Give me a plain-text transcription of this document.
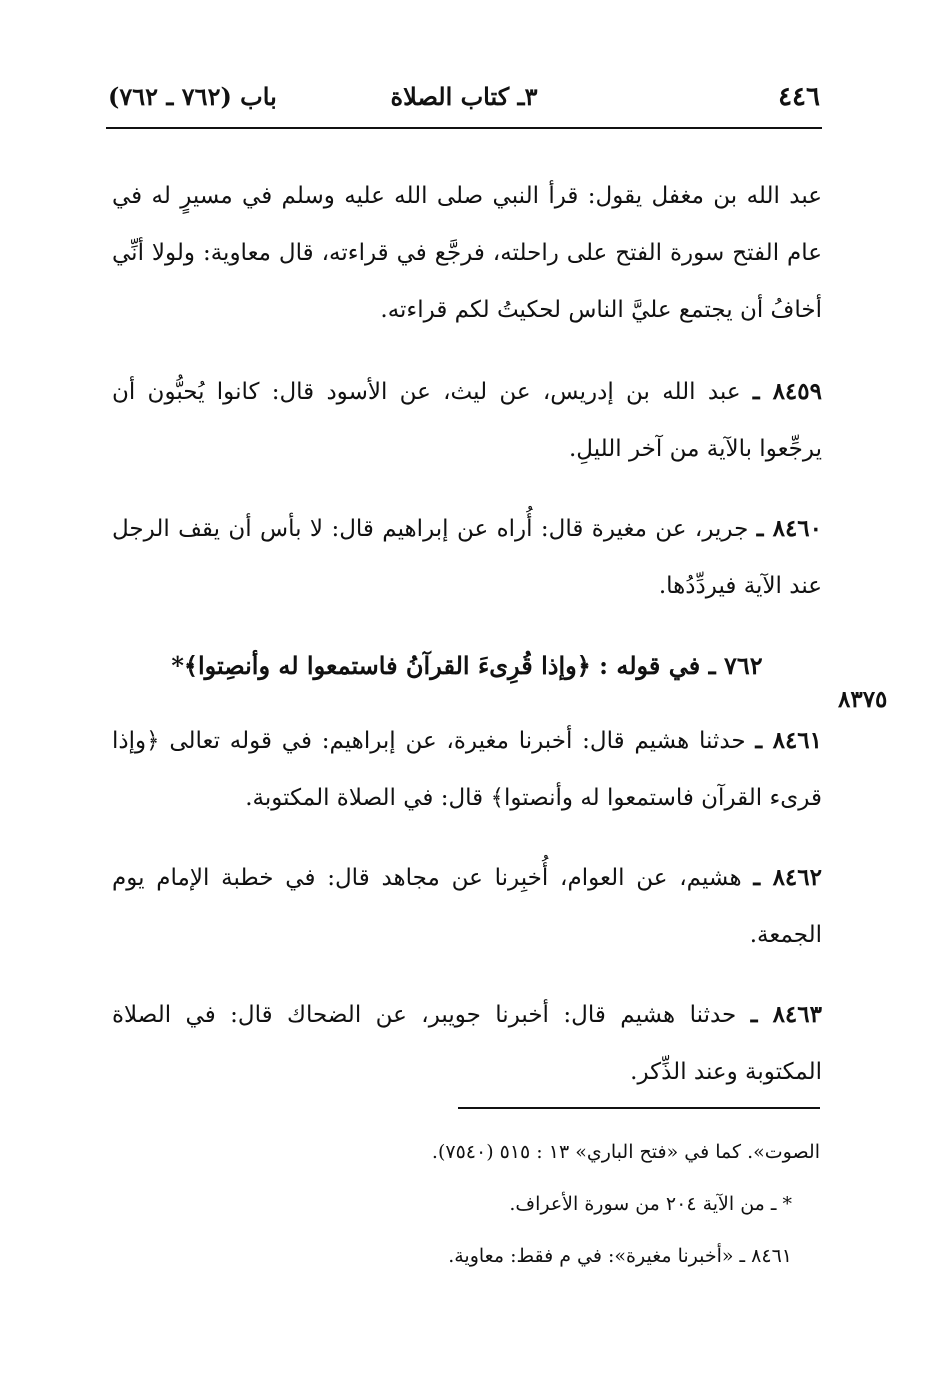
٤٤٦
٣ـ كتاب الصلاة
باب (٧٦٢ ـ ٧٦٢)
٨٣٧٥

عبد الله بن مغفل يقول: قرأ النبي صلى الله عليه وسلم في مسيرٍ له في عام الفتح سورة الفتح على راحلته، فرجَّع في قراءته، قال معاوية: ولولا أنِّي أخافُ أن يجتمع عليَّ الناس لحكيتُ لكم قراءته.

٨٤٥٩ ـ عبد الله بن إدريس، عن ليث، عن الأسود قال: كانوا يُحبُّون أن يرجِّعوا بالآية من آخر الليلِ.

٨٤٦٠ ـ جرير، عن مغيرة قال: أُراه عن إبراهيم قال: لا بأس أن يقف الرجل عند الآية فيردِّدُها.

٧٦٢ ـ في قوله : ﴿وإذا قُرِىءَ القرآنُ فاستمعوا له وأنصِتوا﴾*

٨٤٦١ ـ حدثنا هشيم قال: أخبرنا مغيرة، عن إبراهيم: في قوله تعالى ﴿وإذا قرىء القرآن فاستمعوا له وأنصتوا﴾ قال: في الصلاة المكتوبة.

٨٤٦٢ ـ هشيم، عن العوام، أُخبِرنا عن مجاهد قال: في خطبة الإمام يوم الجمعة.

٨٤٦٣ ـ حدثنا هشيم قال: أخبرنا جويبر، عن الضحاك قال: في الصلاة المكتوبة وعند الذِّكر.

الصوت». كما في «فتح الباري» ١٣ : ٥١٥ (٧٥٤٠).

* ـ من الآية ٢٠٤ من سورة الأعراف.

٨٤٦١ ـ «أخبرنا مغيرة»: في م فقط: معاوية.
